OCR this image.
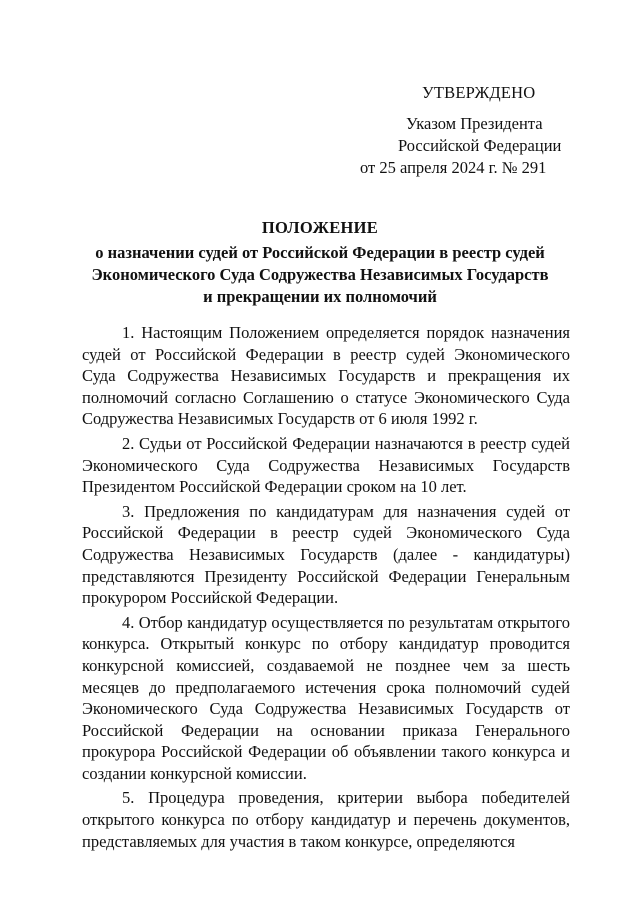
УТВЕРЖДЕНО
Указом Президента
Российской Федерации
от 25 апреля 2024 г. № 291
ПОЛОЖЕНИЕ
о назначении судей от Российской Федерации в реестр судей
Экономического Суда Содружества Независимых Государств
и прекращении их полномочий

1. Настоящим Положением определяется порядок назначения судей от Российской Федерации в реестр судей Экономического Суда Содружества Независимых Государств и прекращения их полномочий согласно Соглашению о статусе Экономического Суда Содружества Независимых Государств от 6 июля 1992 г.

2. Судьи от Российской Федерации назначаются в реестр судей Экономического Суда Содружества Независимых Государств Президентом Российской Федерации сроком на 10 лет.

3. Предложения по кандидатурам для назначения судей от Российской Федерации в реестр судей Экономического Суда Содружества Независимых Государств (далее - кандидатуры) представляются Президенту Российской Федерации Генеральным прокурором Российской Федерации.

4. Отбор кандидатур осуществляется по результатам открытого конкурса. Открытый конкурс по отбору кандидатур проводится конкурсной комиссией, создаваемой не позднее чем за шесть месяцев до предполагаемого истечения срока полномочий судей Экономического Суда Содружества Независимых Государств от Российской Федерации на основании приказа Генерального прокурора Российской Федерации об объявлении такого конкурса и создании конкурсной комиссии.

5. Процедура проведения, критерии выбора победителей открытого конкурса по отбору кандидатур и перечень документов, представляемых для участия в таком конкурсе, определяются
